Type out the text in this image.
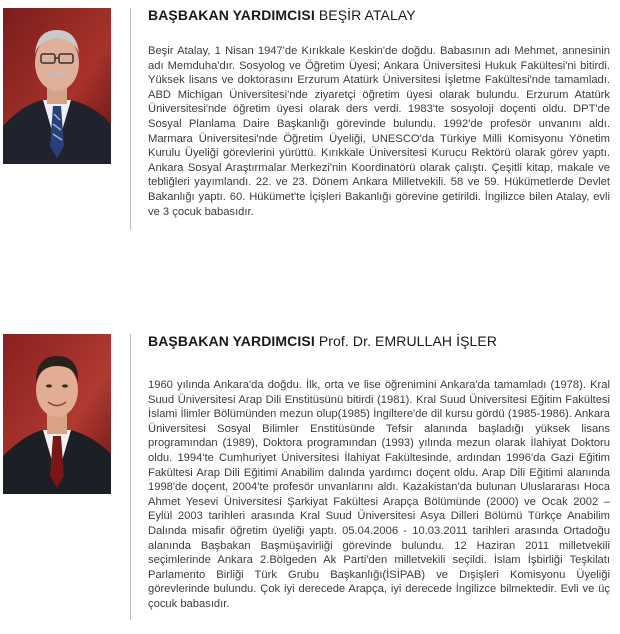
BAŞBAKAN YARDIMCISI BEŞİR ATALAY

Beşir Atalay, 1 Nisan 1947'de Kırıkkale Keskin'de doğdu. Babasının adı Mehmet, annesinin adı Memduha'dır. Sosyolog ve Öğretim Üyesi; Ankara Üniversitesi Hukuk Fakültesi'ni bitirdi. Yüksek lisans ve doktorasını Erzurum Atatürk Üniversitesi İşletme Fakültesi'nde tamamladı. ABD Michigan Üniversitesi'nde ziyaretçi öğretim üyesi olarak bulundu. Erzurum Atatürk Üniversitesi'nde öğretim üyesi olarak ders verdi. 1983'te sosyoloji doçenti oldu. DPT'de Sosyal Planlama Daire Başkanlığı görevinde bulundu. 1992'de profesör unvanını aldı. Marmara Üniversitesi'nde Öğretim Üyeliği, UNESCO'da Türkiye Milli Komisyonu Yönetim Kurulu Üyeliği görevlerini yürüttü. Kırıkkale Üniversitesi Kurucu Rektörü olarak görev yaptı. Ankara Sosyal Araştırmalar Merkezi'nin Koordinatörü olarak çalıştı. Çeşitli kitap, makale ve tebliğleri yayımlandı. 22. ve 23. Dönem Ankara Milletvekili. 58 ve 59. Hükümetlerde Devlet Bakanlığı yaptı. 60. Hükümet'te İçişleri Bakanlığı görevine getirildi. İngilizce bilen Atalay, evli ve 3 çocuk babasıdır.

BAŞBAKAN YARDIMCISI Prof. Dr. EMRULLAH İŞLER

1960 yılında Ankara'da doğdu. İlk, orta ve lise öğrenimini Ankara'da tamamladı (1978). Kral Suud Üniversitesi Arap Dili Enstitüsünü bitirdi (1981). Kral Suud Üniversitesi Eğitim Fakültesi İslami İlimler Bölümünden mezun olup(1985) İngiltere'de dil kursu gördü (1985-1986). Ankara Üniversitesi Sosyal Bilimler Enstitüsünde Tefsir alanında başladığı yüksek lisans programından (1989), Doktora programından (1993) yılında mezun olarak İlahiyat Doktoru oldu. 1994'te Cumhuriyet Üniversitesi İlahiyat Fakültesinde, ardından 1996'da Gazi Eğitim Fakültesi Arap Dili Eğitimi Anabilim dalında yardımcı doçent oldu. Arap Dili Eğitimi alanında 1998'de doçent, 2004'te profesör unvanlarını aldı. Kazakistan'da bulunan Uluslararası Hoca Ahmet Yesevi Üniversitesi Şarkiyat Fakültesi Arapça Bölümünde (2000) ve Ocak 2002 – Eylül 2003 tarihleri arasında Kral Suud Üniversitesi Asya Dilleri Bölümü Türkçe Anabilim Dalında misafir öğretim üyeliği yaptı. 05.04.2006 - 10.03.2011 tarihleri arasında Ortadoğu alanında Başbakan Başmüşavirliği görevinde bulundu. 12 Haziran 2011 milletvekili seçimlerinde Ankara 2.Bölgeden Ak Parti'den milletvekili seçildi. İslam İşbirliği Teşkilatı Parlamento Birliği Türk Grubu Başkanlığı(İSİPAB) ve Dışişleri Komisyonu Üyeliği görevlerinde bulundu. Çok iyi derecede Arapça, iyi derecede İngilizce bilmektedir. Evli ve üç çocuk babasıdır.
